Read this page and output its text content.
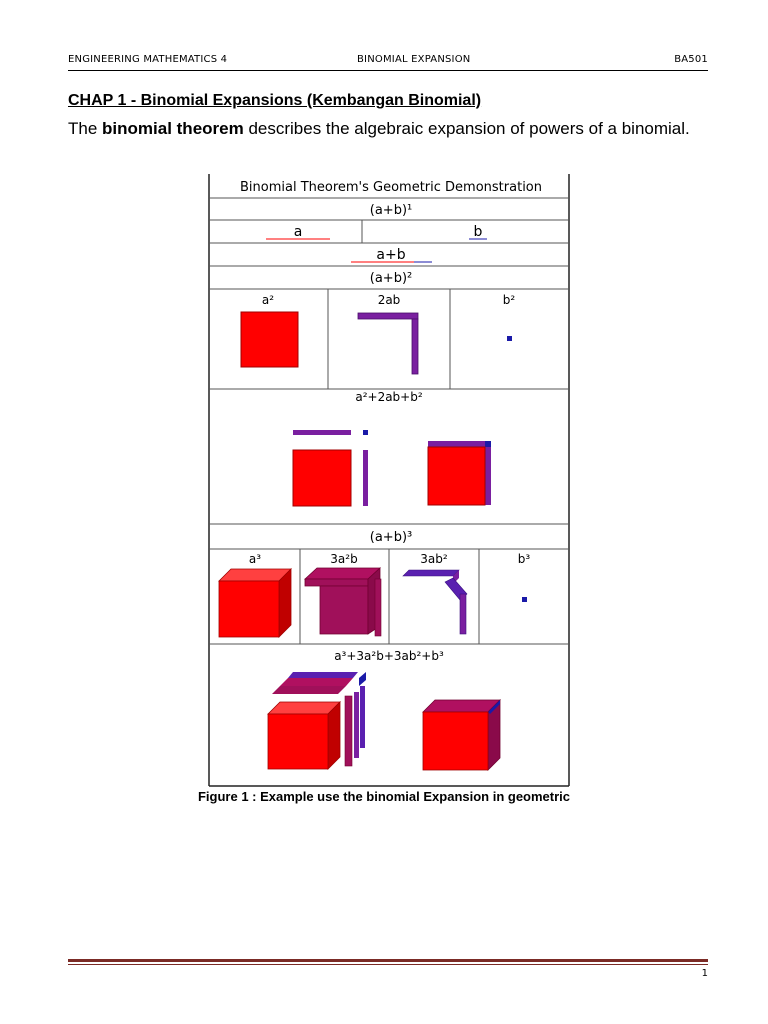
ENGINEERING MATHEMATICS 4	BINOMIAL EXPANSION	BA501
CHAP 1 - Binomial Expansions (Kembangan Binomial)
The binomial theorem describes the algebraic expansion of powers of a binomial.
Binomial Theorem's Geometric Demonstration
(a+b)¹
a	b
a+b
(a+b)²
a²	2ab	b²
a²+2ab+b²
(a+b)³
a³	3a²b	3ab²	b³
a³+3a²b+3ab²+b³
Figure 1 : Example use the binomial Expansion in geometric
1
